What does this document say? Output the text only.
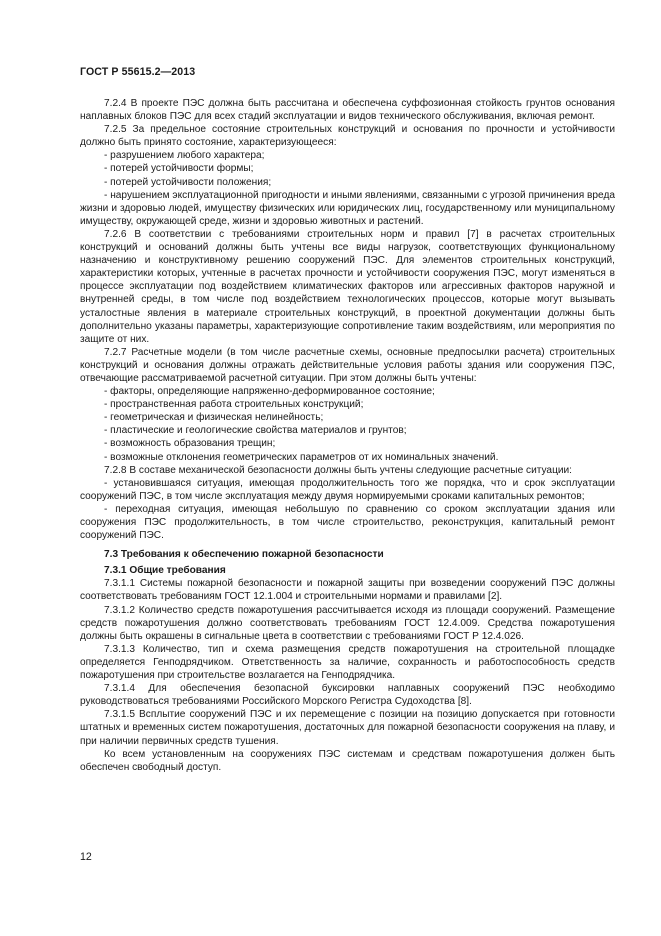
ГОСТ Р 55615.2—2013

7.2.4 В проекте ПЭС должна быть рассчитана и обеспечена суффозионная стойкость грунтов основания наплавных блоков ПЭС для всех стадий эксплуатации и видов технического обслуживания, включая ремонт.

7.2.5 За предельное состояние строительных конструкций и основания по прочности и устойчивости должно быть принято состояние, характеризующееся:

- разрушением любого характера;

- потерей устойчивости формы;

- потерей устойчивости положения;

- нарушением эксплуатационной пригодности и иными явлениями, связанными с угрозой причинения вреда жизни и здоровью людей, имуществу физических или юридических лиц, государственному или муниципальному имуществу, окружающей среде, жизни и здоровью животных и растений.

7.2.6 В соответствии с требованиями строительных норм и правил [7] в расчетах строительных конструкций и оснований должны быть учтены все виды нагрузок, соответствующих функциональному назначению и конструктивному решению сооружений ПЭС. Для элементов строительных конструкций, характеристики которых, учтенные в расчетах прочности и устойчивости сооружения ПЭС, могут изменяться в процессе эксплуатации под воздействием климатических факторов или агрессивных факторов наружной и внутренней среды, в том числе под воздействием технологических процессов, которые могут вызывать усталостные явления в материале строительных конструкций, в проектной документации должны быть дополнительно указаны параметры, характеризующие сопротивление таким воздействиям, или мероприятия по защите от них.

7.2.7 Расчетные модели (в том числе расчетные схемы, основные предпосылки расчета) строительных конструкций и основания должны отражать действительные условия работы здания или сооружения ПЭС, отвечающие рассматриваемой расчетной ситуации. При этом должны быть учтены:

- факторы, определяющие напряженно-деформированное состояние;

- пространственная работа строительных конструкций;

- геометрическая и физическая нелинейность;

- пластические и геологические свойства материалов и грунтов;

- возможность образования трещин;

- возможные отклонения геометрических параметров от их номинальных значений.

7.2.8 В составе механической безопасности должны быть учтены следующие расчетные ситуации:

- установившаяся ситуация, имеющая продолжительность того же порядка, что и срок эксплуатации сооружений ПЭС, в том числе эксплуатация между двумя нормируемыми сроками капитальных ремонтов;

- переходная ситуация, имеющая небольшую по сравнению со сроком эксплуатации здания или сооружения ПЭС продолжительность, в том числе строительство, реконструкция, капитальный ремонт сооружений ПЭС.

7.3 Требования к обеспечению пожарной безопасности

7.3.1 Общие требования

7.3.1.1 Системы пожарной безопасности и пожарной защиты при возведении сооружений ПЭС должны соответствовать требованиям ГОСТ 12.1.004 и строительными нормами и правилами [2].

7.3.1.2 Количество средств пожаротушения рассчитывается исходя из площади сооружений. Размещение средств пожаротушения должно соответствовать требованиям ГОСТ 12.4.009. Средства пожаротушения должны быть окрашены в сигнальные цвета в соответствии с требованиями ГОСТ Р 12.4.026.

7.3.1.3 Количество, тип и схема размещения средств пожаротушения на строительной площадке определяется Генподрядчиком. Ответственность за наличие, сохранность и работоспособность средств пожаротушения при строительстве возлагается на Генподрядчика.

7.3.1.4 Для обеспечения безопасной буксировки наплавных сооружений ПЭС необходимо руководствоваться требованиями Российского Морского Регистра Судоходства [8].

7.3.1.5 Всплытие сооружений ПЭС и их перемещение с позиции на позицию допускается при готовности штатных и временных систем пожаротушения, достаточных для пожарной безопасности сооружения на плаву, и при наличии первичных средств тушения.

Ко всем установленным на сооружениях ПЭС системам и средствам пожаротушения должен быть обеспечен свободный доступ.

12
